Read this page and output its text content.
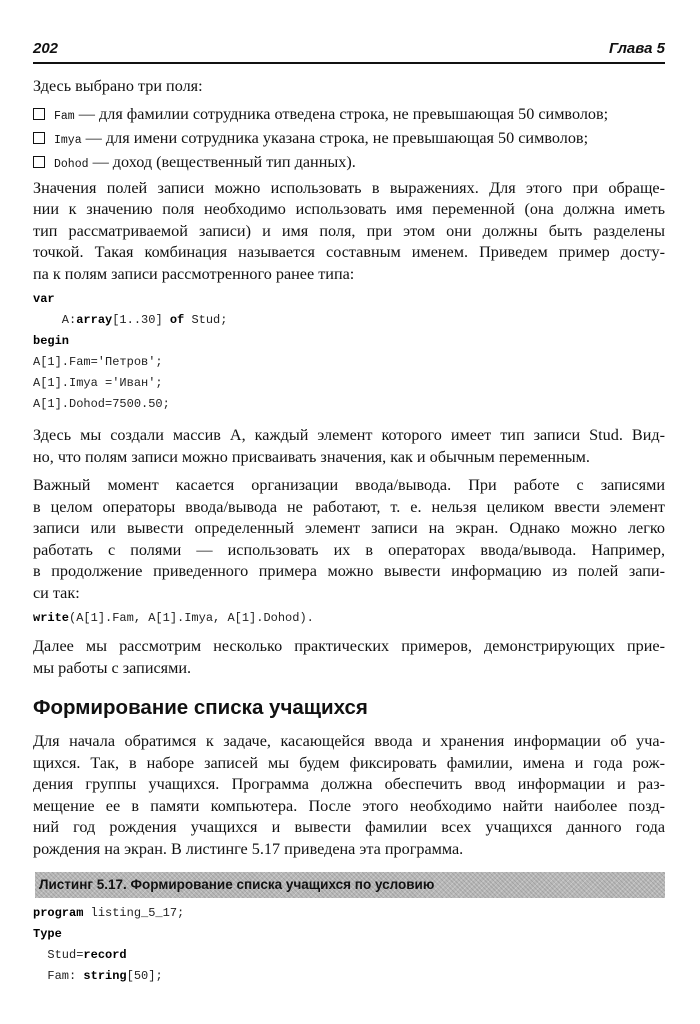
202	Глава 5
Здесь выбрано три поля:
Fam — для фамилии сотрудника отведена строка, не превышающая 50 символов;
Imya — для имени сотрудника указана строка, не превышающая 50 символов;
Dohod — доход (вещественный тип данных).
Значения полей записи можно использовать в выражениях. Для этого при обраще-
нии к значению поля необходимо использовать имя переменной (она должна иметь
тип рассматриваемой записи) и имя поля, при этом они должны быть разделены
точкой. Такая комбинация называется составным именем. Приведем пример досту-
па к полям записи рассмотренного ранее типа:
var
A:array[1..30] of Stud;
begin
A[1].Fam='Петров';
A[1].Imya ='Иван';
A[1].Dohod=7500.50;
Здесь мы создали массив A, каждый элемент которого имеет тип записи Stud. Вид-
но, что полям записи можно присваивать значения, как и обычным переменным.
Важный момент касается организации ввода/вывода. При работе с записями
в целом операторы ввода/вывода не работают, т. е. нельзя целиком ввести элемент
записи или вывести определенный элемент записи на экран. Однако можно легко
работать с полями — использовать их в операторах ввода/вывода. Например,
в продолжение приведенного примера можно вывести информацию из полей запи-
си так:
write(A[1].Fam, A[1].Imya, A[1].Dohod).
Далее мы рассмотрим несколько практических примеров, демонстрирующих прие-
мы работы с записями.
Формирование списка учащихся
Для начала обратимся к задаче, касающейся ввода и хранения информации об уча-
щихся. Так, в наборе записей мы будем фиксировать фамилии, имена и года рож-
дения группы учащихся. Программа должна обеспечить ввод информации и раз-
мещение ее в памяти компьютера. После этого необходимо найти наиболее позд-
ний год рождения учащихся и вывести фамилии всех учащихся данного года
рождения на экран. В листинге 5.17 приведена эта программа.
Листинг 5.17. Формирование списка учащихся по условию
program listing_5_17;
Type
Stud=record
Fam: string[50];
